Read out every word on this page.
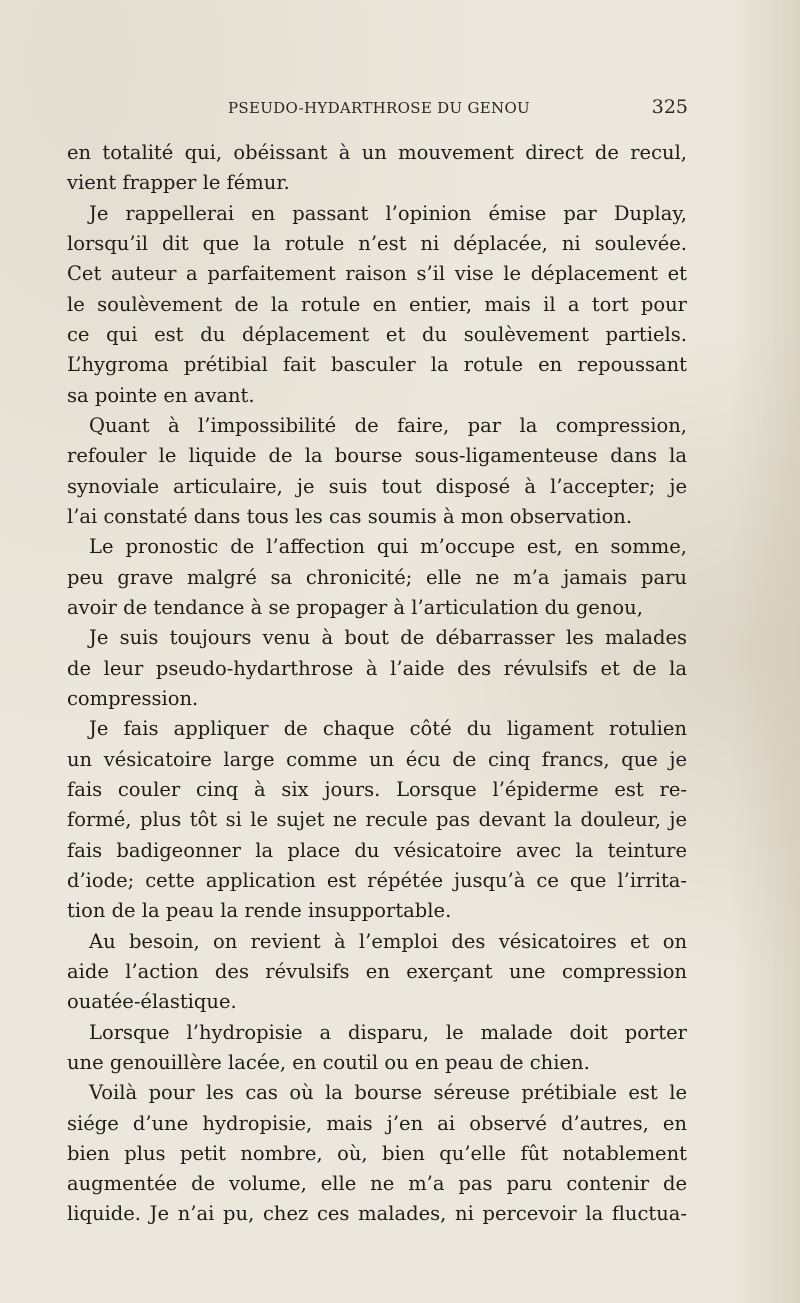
PSEUDO-HYDARTHROSE DU GENOU	325
en totalité qui, obéissant à un mouvement direct de recul,
vient frapper le fémur.
Je rappellerai en passant l’opinion émise par Duplay,
lorsqu’il dit que la rotule n’est ni déplacée, ni soulevée.
Cet auteur a parfaitement raison s’il vise le déplacement et
le soulèvement de la rotule en entier, mais il a tort pour
ce qui est du déplacement et du soulèvement partiels.
L’hygroma prétibial fait basculer la rotule en repoussant
sa pointe en avant.
Quant à l’impossibilité de faire, par la compression,
refouler le liquide de la bourse sous-ligamenteuse dans la
synoviale articulaire, je suis tout disposé à l’accepter; je
l’ai constaté dans tous les cas soumis à mon observation.
Le pronostic de l’affection qui m’occupe est, en somme,
peu grave malgré sa chronicité; elle ne m’a jamais paru
avoir de tendance à se propager à l’articulation du genou,
Je suis toujours venu à bout de débarrasser les malades
de leur pseudo-hydarthrose à l’aide des révulsifs et de la
compression.
Je fais appliquer de chaque côté du ligament rotulien
un vésicatoire large comme un écu de cinq francs, que je
fais couler cinq à six jours. Lorsque l’épiderme est re-
formé, plus tôt si le sujet ne recule pas devant la douleur, je
fais badigeonner la place du vésicatoire avec la teinture
d’iode; cette application est répétée jusqu’à ce que l’irrita-
tion de la peau la rende insupportable.
Au besoin, on revient à l’emploi des vésicatoires et on
aide l’action des révulsifs en exerçant une compression
ouatée-élastique.
Lorsque l’hydropisie a disparu, le malade doit porter
une genouillère lacée, en coutil ou en peau de chien.
Voilà pour les cas où la bourse séreuse prétibiale est le
siége d’une hydropisie, mais j’en ai observé d’autres, en
bien plus petit nombre, où, bien qu’elle fût notablement
augmentée de volume, elle ne m’a pas paru contenir de
liquide. Je n’ai pu, chez ces malades, ni percevoir la fluctua-
